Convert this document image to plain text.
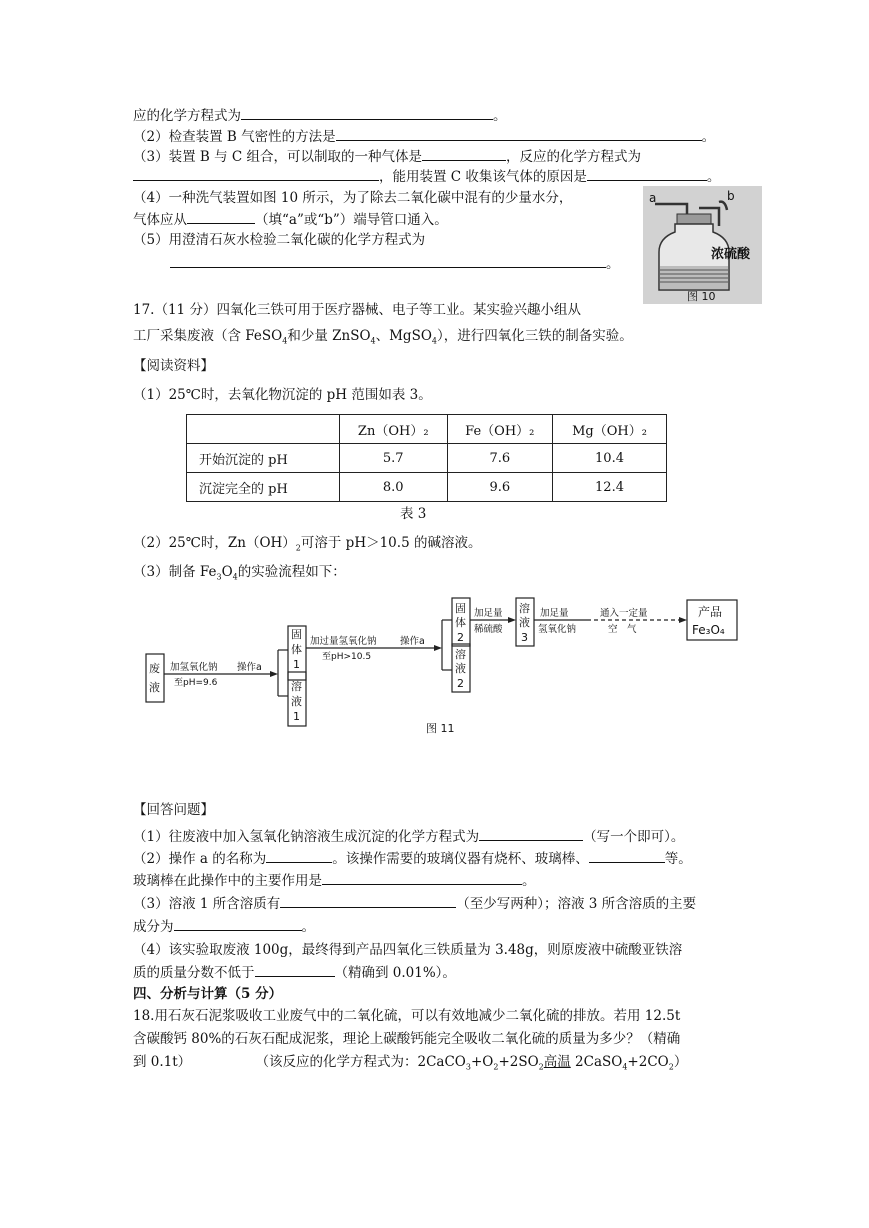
应的化学方程式为	。
（2）检查装置 B 气密性的方法是	。
（3）装置 B 与 C 组合，可以制取的一种气体是	，反应的化学方程式为
，能用装置 C 收集该气体的原因是	。
（4）一种洗气装置如图 10 所示，为了除去二氧化碳中混有的少量水分，
气体应从	（填“a”或“b”）端导管口通入。
（5）用澄清石灰水检验二氧化碳的化学方程式为
。
a	b
浓硫酸
图 10
17.（11 分）四氧化三铁可用于医疗器械、电子等工业。某实验兴趣小组从
工厂采集废液（含 FeSO$_4$和少量 ZnSO$_4$、MgSO$_4$），进行四氧化三铁的制备实验。
【阅读资料】
（1）25℃时，去氧化物沉淀的 pH 范围如表 3。
	Zn（OH）₂	Fe（OH）₂	Mg（OH）₂
开始沉淀的 pH	5.7	7.6	10.4
沉淀完全的 pH	8.0	9.6	12.4
表 3
（2）25℃时，$Zn(OH)_2$可溶于 pH＞10.5 的碱溶液。
（3）制备 $Fe_3O_4$的实验流程如下：
废
液
加氢氧化钠
至pH=9.6
操作a
固
体
1
溶
液
1
加过量氢氧化钠
至pH>10.5
操作a
固
体
2
溶
液
2
加足量
稀硫酸
溶
液
3
加足量
氢氧化钠
通入一定量
空　气
产品
Fe₃O₄
图 11
【回答问题】
（1）往废液中加入氢氧化钠溶液生成沉淀的化学方程式为	（写一个即可）。
（2）操作 a 的名称为	。该操作需要的玻璃仪器有烧杯、玻璃棒、	等。
玻璃棒在此操作中的主要作用是	。
（3）溶液 1 所含溶质有	（至少写两种）；溶液 3 所含溶质的主要
成分为	。
（4）该实验取废液 100g，最终得到产品四氧化三铁质量为 3.48g，则原废液中硫酸亚铁溶
质的质量分数不低于	（精确到 0.01%）。
四、分析与计算（5 分）
18.用石灰石泥浆吸收工业废气中的二氧化硫，可以有效地减少二氧化硫的排放。若用 12.5t
含碳酸钙 80%的石灰石配成泥浆，理论上碳酸钙能完全吸收二氧化硫的质量为多少？（精确
到 0.1t）	（该反应的化学方程式为：$2CaCO_3+O_2+2SO_2$高温 $2CaSO_4+2CO_2$）
